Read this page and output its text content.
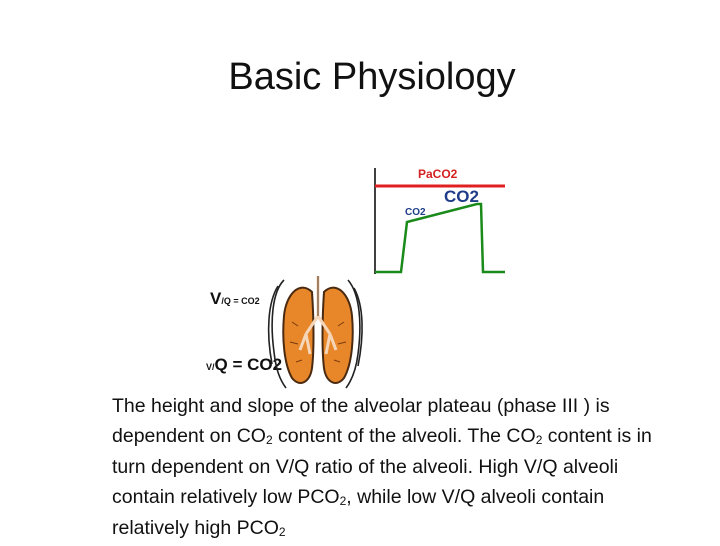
Basic Physiology
PaCO2
CO2
CO2
V/Q = CO2
V/Q = CO2
The height and slope of the alveolar plateau (phase III ) is dependent on $CO_2$ content of the alveoli. The $CO_2$ content is in turn dependent on V/Q ratio of the alveoli. High V/Q alveoli contain relatively low $PCO_2$, while low V/Q alveoli contain relatively high $PCO_2$
